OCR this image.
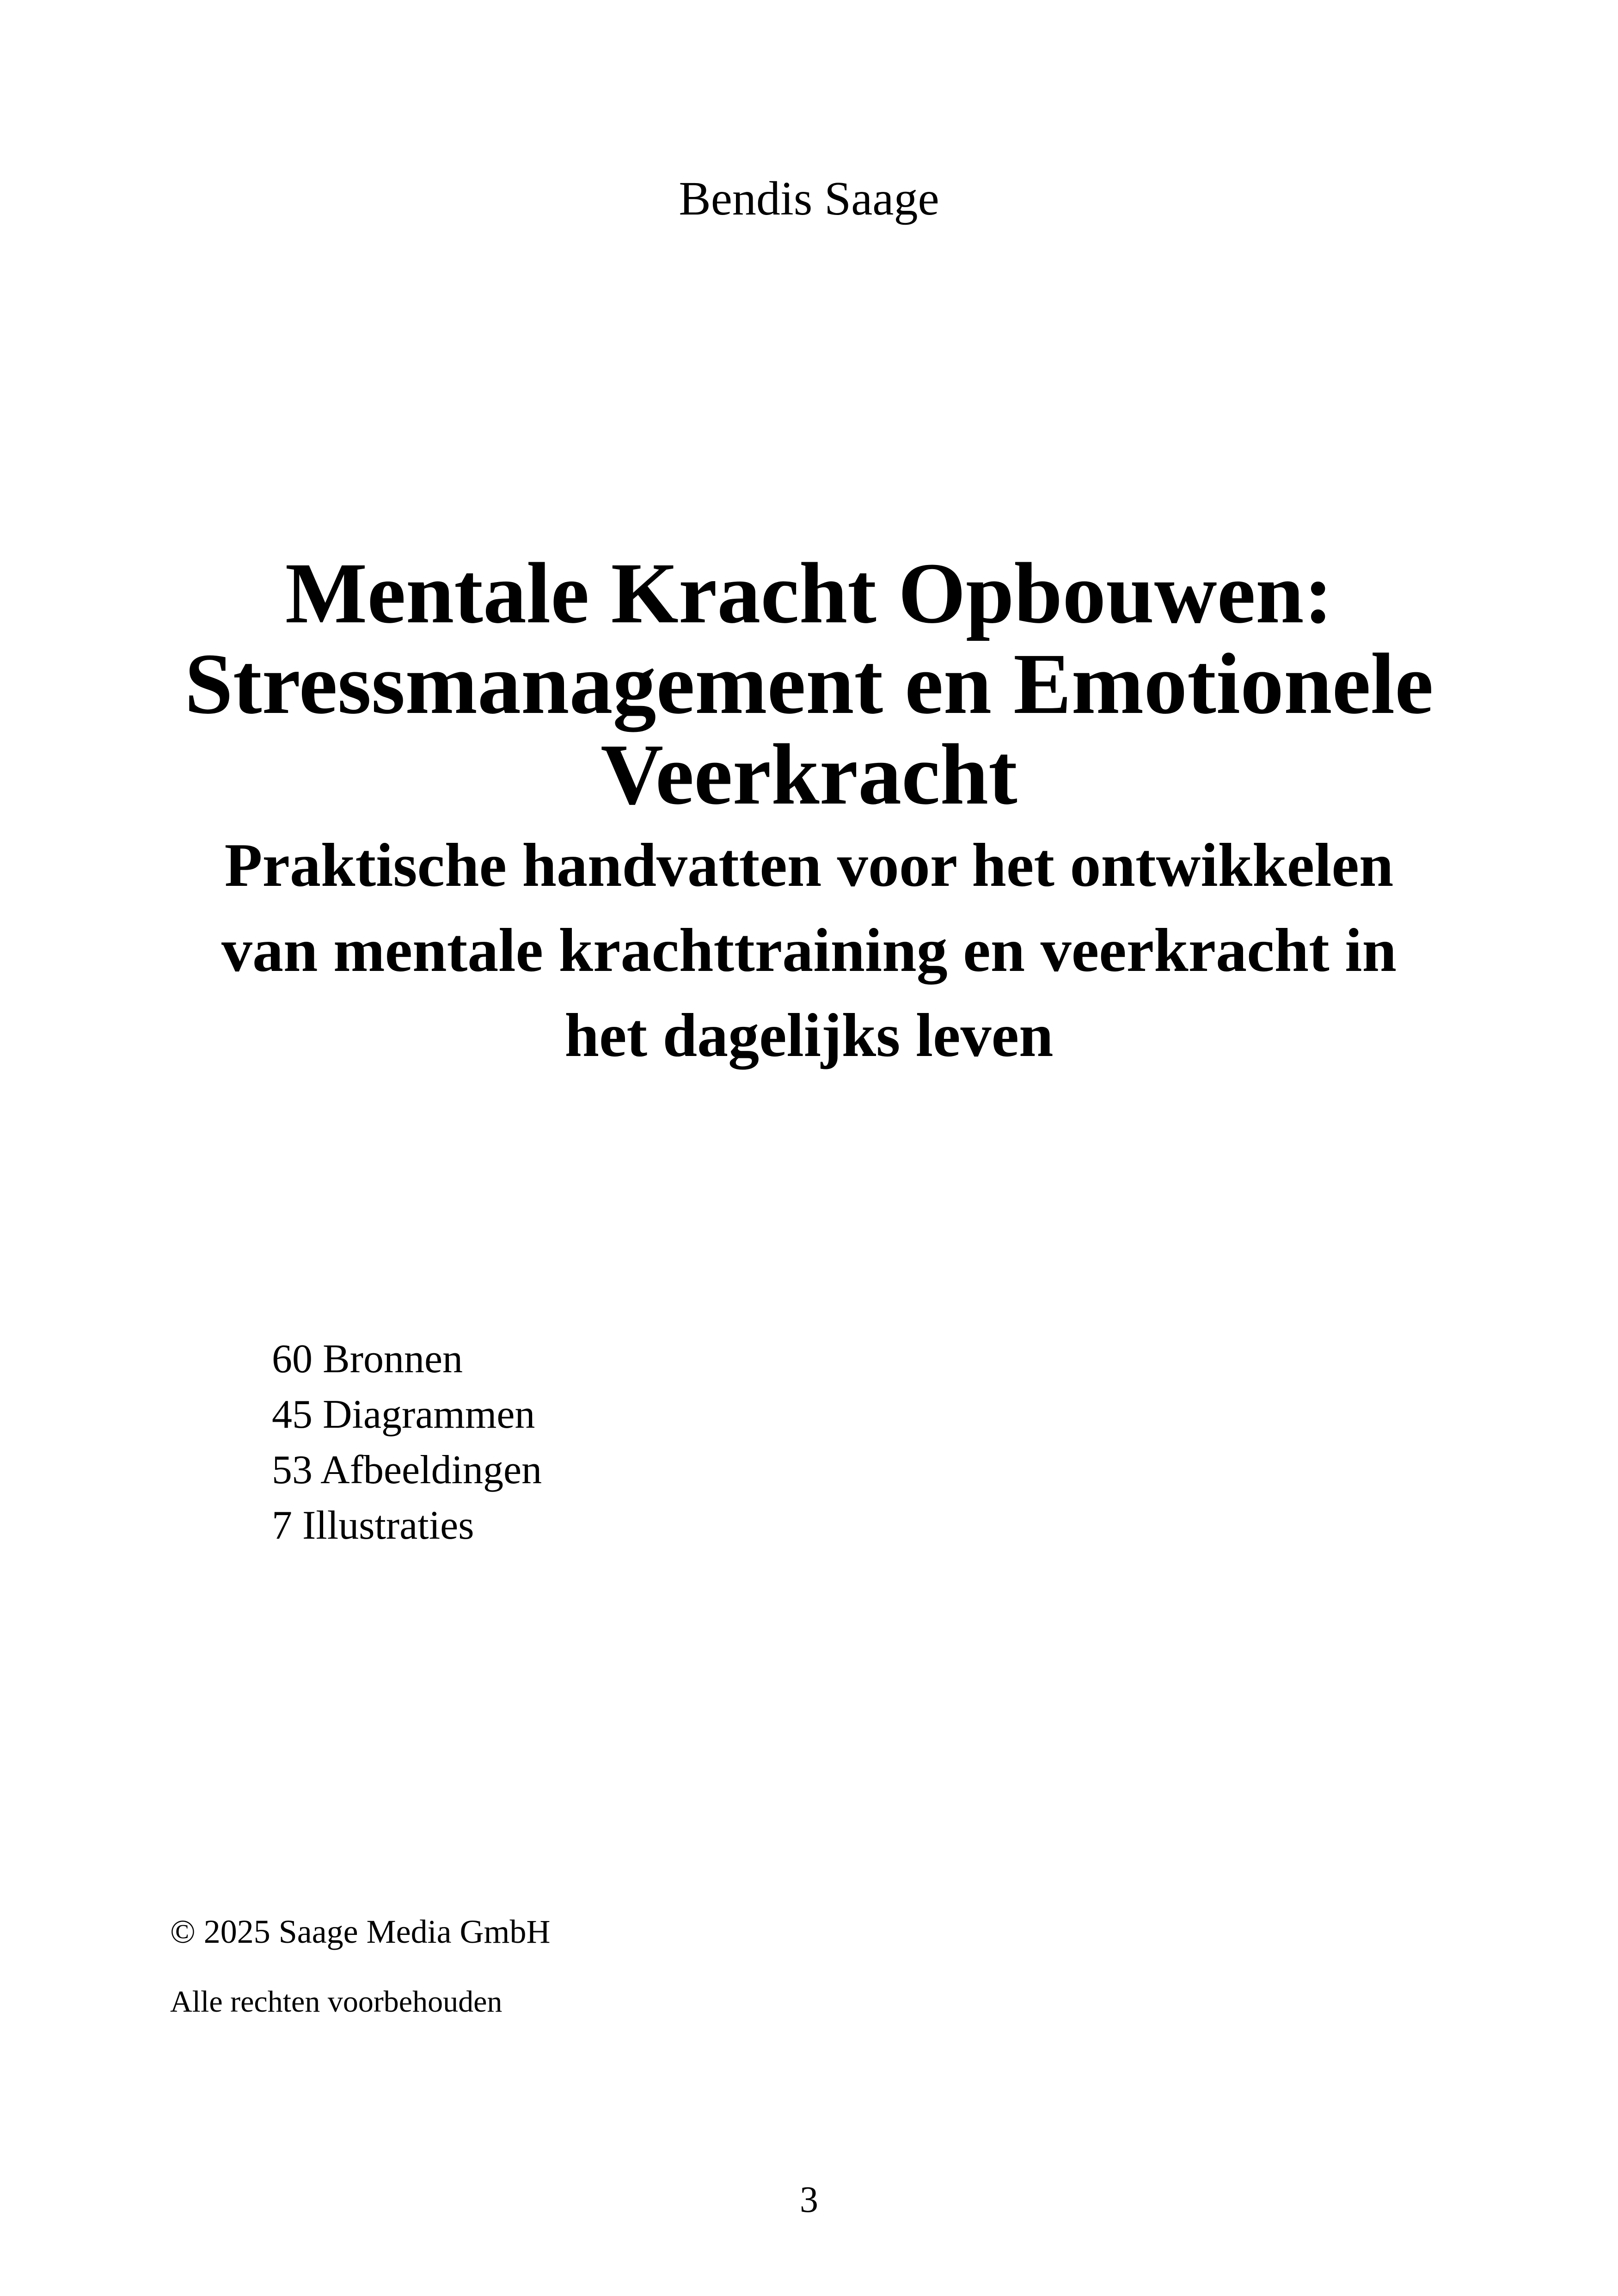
Bendis Saage
Mentale Kracht Opbouwen:
Stressmanagement en Emotionele
Veerkracht
Praktische handvatten voor het ontwikkelen
van mentale krachttraining en veerkracht in
het dagelijks leven
60 Bronnen
45 Diagrammen
53 Afbeeldingen
7 Illustraties
© 2025 Saage Media GmbH
Alle rechten voorbehouden
3
